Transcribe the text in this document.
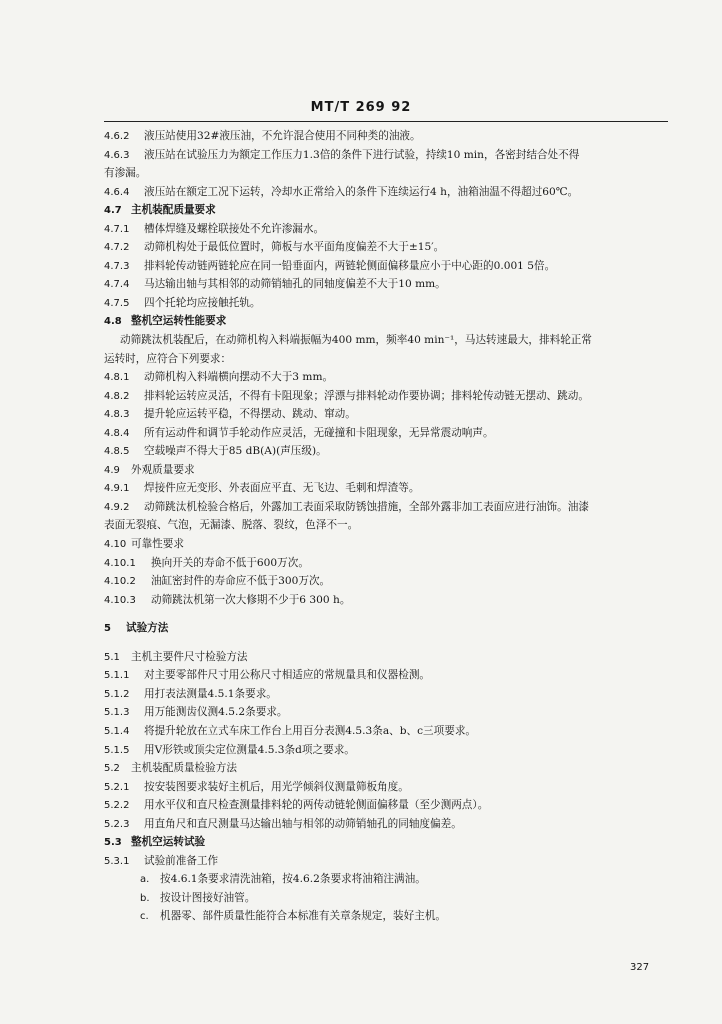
MT/T 269 92
4.6.2 液压站使用32#液压油，不允许混合使用不同种类的油液。
4.6.3 液压站在试验压力为额定工作压力1.3倍的条件下进行试验，持续10 min，各密封结合处不得
有渗漏。
4.6.4 液压站在额定工况下运转，冷却水正常给入的条件下连续运行4 h，油箱油温不得超过60℃。
4.7 主机装配质量要求
4.7.1 槽体焊缝及螺栓联接处不允许渗漏水。
4.7.2 动筛机构处于最低位置时，筛板与水平面角度偏差不大于±15′。
4.7.3 排料轮传动链两链轮应在同一铅垂面内，两链轮侧面偏移量应小于中心距的0.001 5倍。
4.7.4 马达输出轴与其相邻的动筛销轴孔的同轴度偏差不大于10 mm。
4.7.5 四个托轮均应接触托轨。
4.8 整机空运转性能要求
动筛跳汰机装配后，在动筛机构入料端振幅为400 mm，频率40 min⁻¹，马达转速最大，排料轮正常
运转时，应符合下列要求：
4.8.1 动筛机构入料端横向摆动不大于3 mm。
4.8.2 排料轮运转应灵活，不得有卡阻现象；浮漂与排料轮动作要协调；排料轮传动链无摆动、跳动。
4.8.3 提升轮应运转平稳，不得摆动、跳动、窜动。
4.8.4 所有运动件和调节手轮动作应灵活，无碰撞和卡阻现象，无异常震动响声。
4.8.5 空载噪声不得大于85 dB(A)(声压级)。
4.9 外观质量要求
4.9.1 焊接件应无变形、外表面应平直、无飞边、毛刺和焊渣等。
4.9.2 动筛跳汰机检验合格后，外露加工表面采取防锈蚀措施，全部外露非加工表面应进行油饰。油漆
表面无裂痕、气泡，无漏漆、脱落、裂纹，色泽不一。
4.10 可靠性要求
4.10.1 换向开关的寿命不低于600万次。
4.10.2 油缸密封件的寿命应不低于300万次。
4.10.3 动筛跳汰机第一次大修期不少于6 300 h。
5 试验方法
5.1 主机主要件尺寸检验方法
5.1.1 对主要零部件尺寸用公称尺寸相适应的常规量具和仪器检测。
5.1.2 用打表法测量4.5.1条要求。
5.1.3 用万能测齿仪测4.5.2条要求。
5.1.4 将提升轮放在立式车床工作台上用百分表测4.5.3条a、b、c三项要求。
5.1.5 用V形铁或顶尖定位测量4.5.3条d项之要求。
5.2 主机装配质量检验方法
5.2.1 按安装图要求装好主机后，用光学倾斜仪测量筛板角度。
5.2.2 用水平仪和直尺检查测量排料轮的两传动链轮侧面偏移量（至少测两点）。
5.2.3 用直角尺和直尺测量马达输出轴与相邻的动筛销轴孔的同轴度偏差。
5.3 整机空运转试验
5.3.1 试验前准备工作
a. 按4.6.1条要求清洗油箱，按4.6.2条要求将油箱注满油。
b. 按设计图接好油管。
c. 机器零、部件质量性能符合本标准有关章条规定，装好主机。
327
